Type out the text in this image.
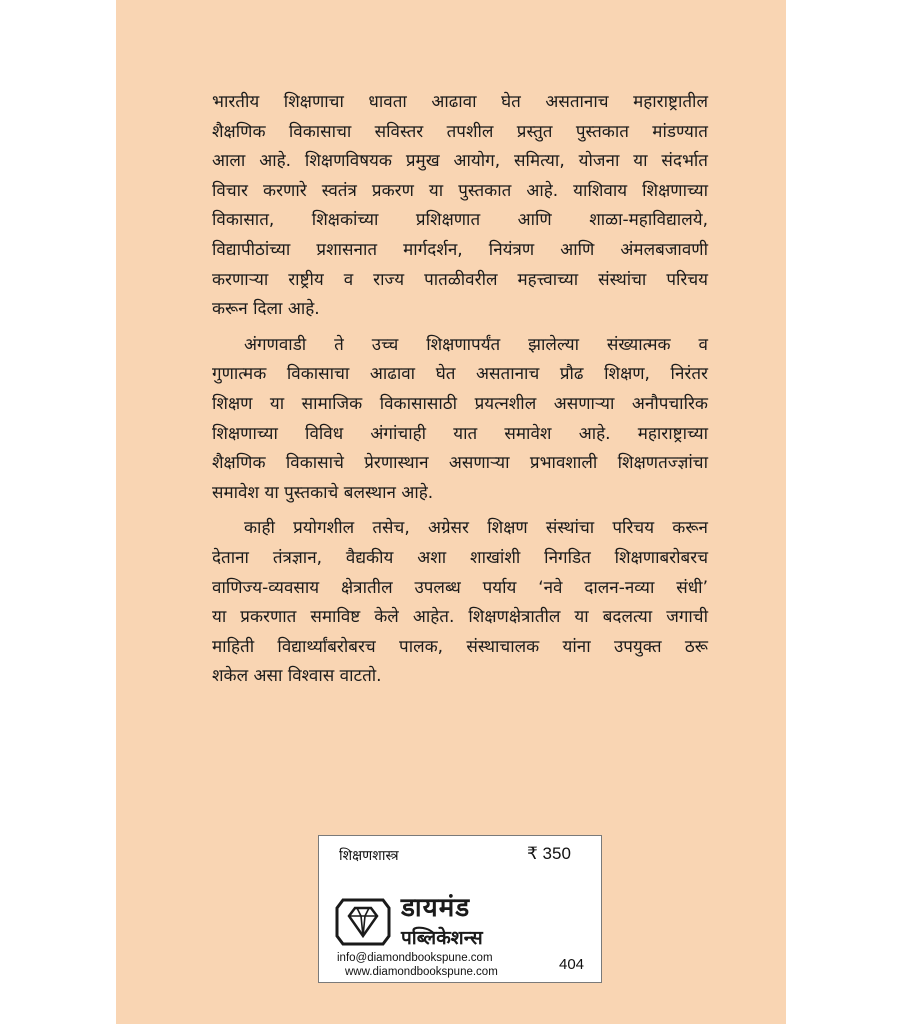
भारतीय शिक्षणाचा धावता आढावा घेत असतानाच महाराष्ट्रातील
शैक्षणिक विकासाचा सविस्तर तपशील प्रस्तुत पुस्तकात मांडण्यात
आला आहे. शिक्षणविषयक प्रमुख आयोग, समित्या, योजना या संदर्भात
विचार करणारे स्वतंत्र प्रकरण या पुस्तकात आहे. याशिवाय शिक्षणाच्या
विकासात, शिक्षकांच्या प्रशिक्षणात आणि शाळा-महाविद्यालये,
विद्यापीठांच्या प्रशासनात मार्गदर्शन, नियंत्रण आणि अंमलबजावणी
करणाऱ्या राष्ट्रीय व राज्य पातळीवरील महत्त्वाच्या संस्थांचा परिचय
करून दिला आहे.

अंगणवाडी ते उच्च शिक्षणापर्यंत झालेल्या संख्यात्मक व
गुणात्मक विकासाचा आढावा घेत असतानाच प्रौढ शिक्षण, निरंतर
शिक्षण या सामाजिक विकासासाठी प्रयत्नशील असणाऱ्या अनौपचारिक
शिक्षणाच्या विविध अंगांचाही यात समावेश आहे. महाराष्ट्राच्या
शैक्षणिक विकासाचे प्रेरणास्थान असणाऱ्या प्रभावशाली शिक्षणतज्ज्ञांचा
समावेश या पुस्तकाचे बलस्थान आहे.

काही प्रयोगशील तसेच, अग्रेसर शिक्षण संस्थांचा परिचय करून
देताना तंत्रज्ञान, वैद्यकीय अशा शाखांशी निगडित शिक्षणाबरोबरच
वाणिज्य-व्यवसाय क्षेत्रातील उपलब्ध पर्याय ‘नवे दालन-नव्या संधी’
या प्रकरणात समाविष्ट केले आहेत. शिक्षणक्षेत्रातील या बदलत्या जगाची
माहिती विद्यार्थ्यांबरोबरच पालक, संस्थाचालक यांना उपयुक्त ठरू
शकेल असा विश्वास वाटतो.

शिक्षणशास्त्र	₹ 350
डायमंड
पब्लिकेशन्स
info@diamondbookspune.com
www.diamondbookspune.com	404
